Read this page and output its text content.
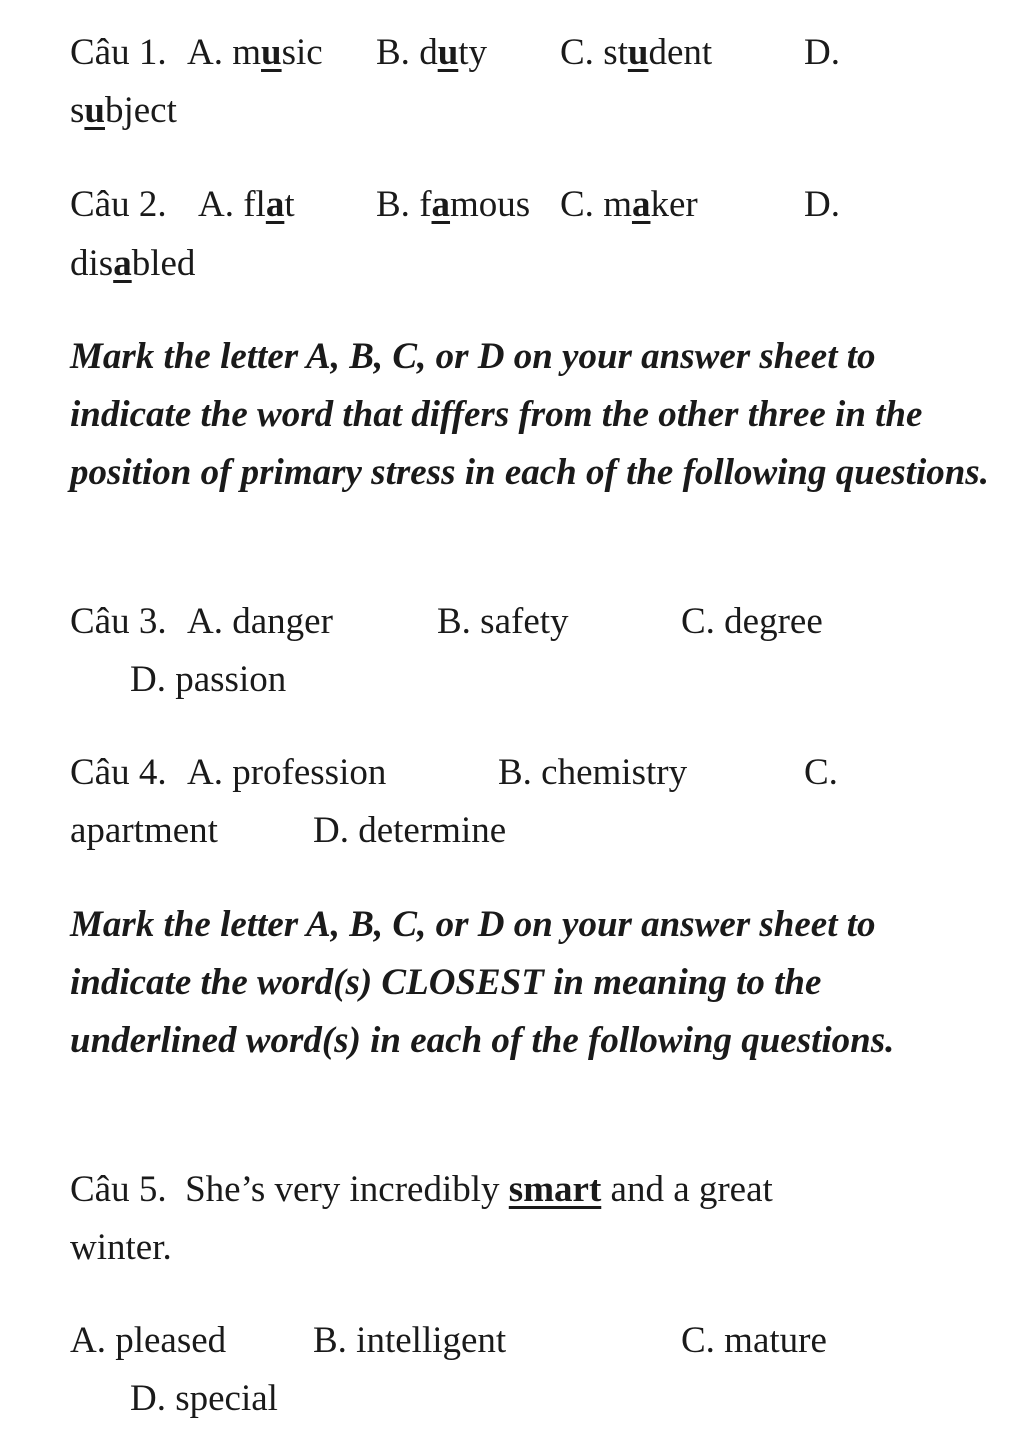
Câu 1. A. music B. duty C. student D.
subject
Câu 2. A. flat B. famous C. maker	D.
disabled
Mark the letter A, B, C, or D on your answer sheet to indicate the word that differs from the other three in the position of primary stress in each of the following questions.
Câu 3. A. danger	B. safety	C. degree
D. passion
Câu 4. A. profession	B. chemistry	C.
apartment	D. determine
Mark the letter A, B, C, or D on your answer sheet to indicate the word(s) CLOSEST in meaning to the underlined word(s) in each of the following questions.
Câu 5. She’s very incredibly smart and a great
winter.
A. pleased B. intelligent	C. mature
D. special
